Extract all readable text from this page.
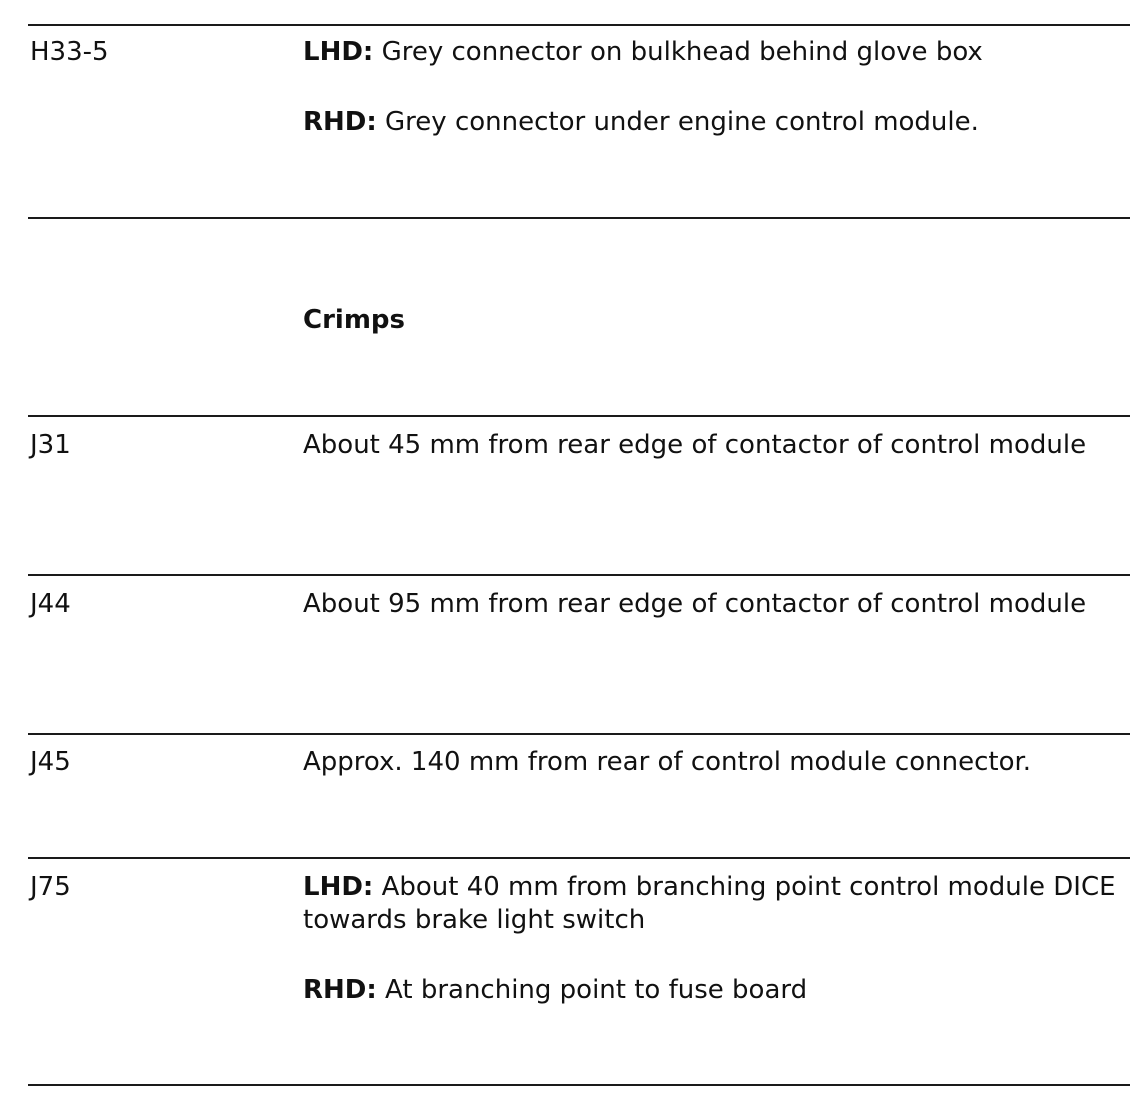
H33-5	LHD: Grey connector on bulkhead behind glove box
RHD: Grey connector under engine control module.
Crimps
J31	About 45 mm from rear edge of contactor of control module
J44	About 95 mm from rear edge of contactor of control module
J45	Approx. 140 mm from rear of control module connector.
J75	LHD: About 40 mm from branching point control module DICE towards brake light switch
RHD: At branching point to fuse board
